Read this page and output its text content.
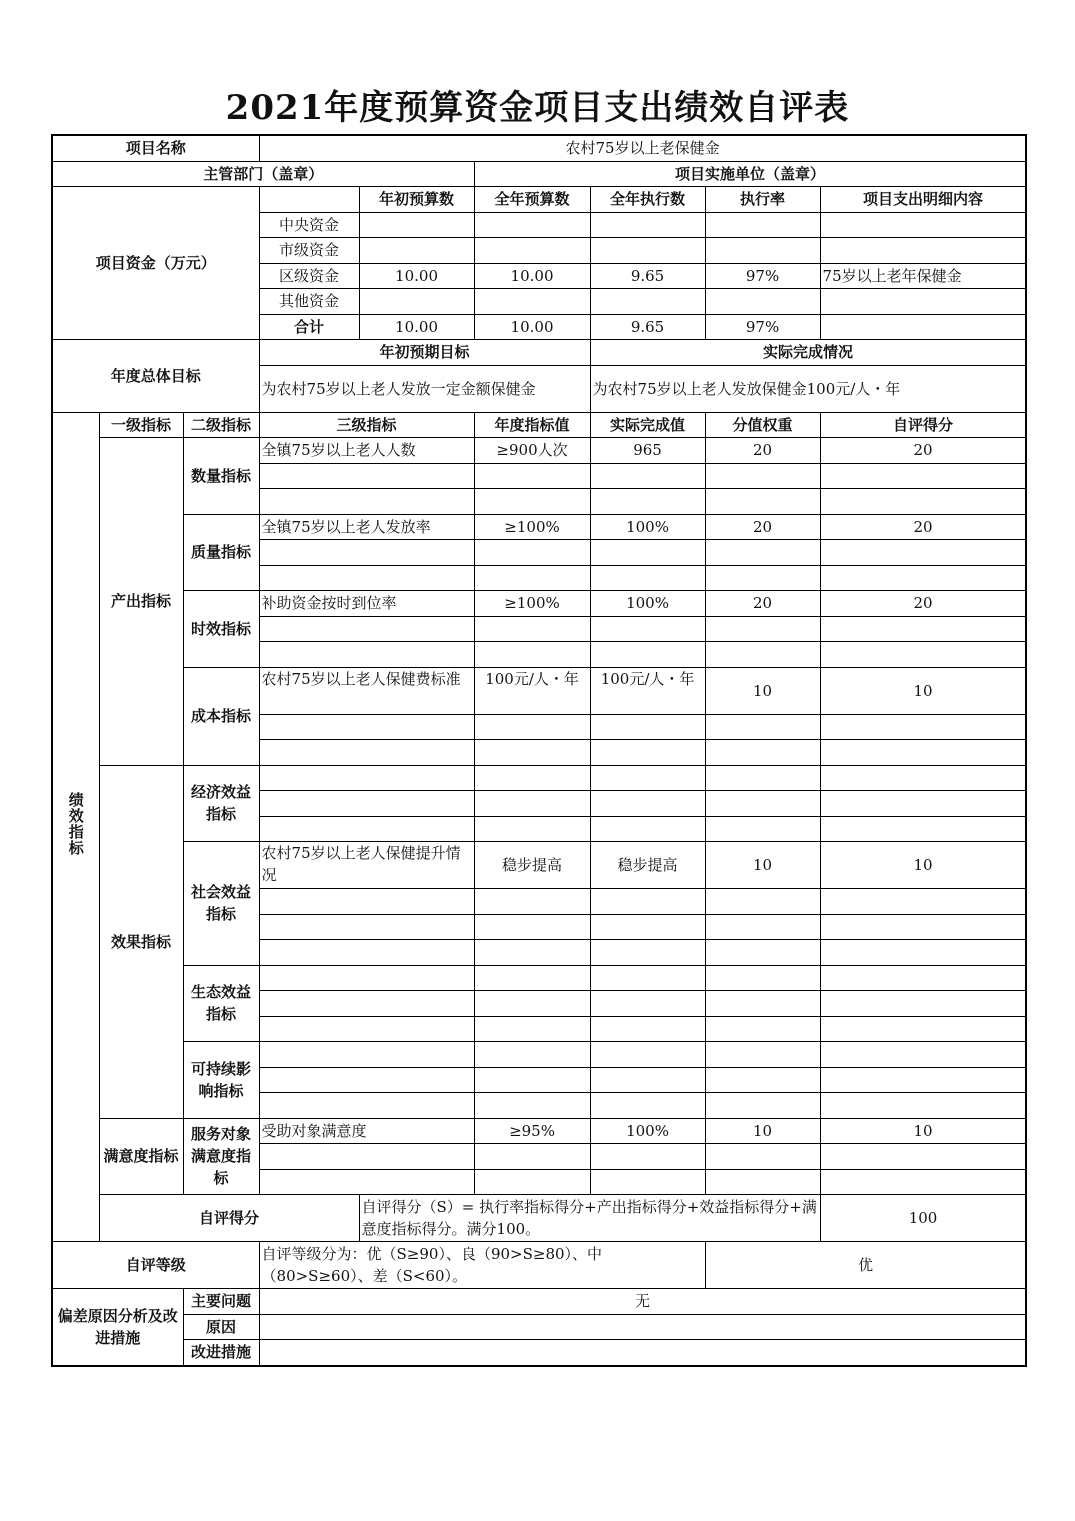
2021年度预算资金项目支出绩效自评表
项目名称			农村75岁以上老保健金						
主管部门（盖章）					项目实施单位（盖章）				
项目资金（万元）				年初预算数	全年预算数	全年执行数	执行率	项目支出明细内容	
			中央资金						
			市级资金						
			区级资金	10.00	10.00	9.65	97%	75岁以上老年保健金	
			其他资金						
			合计	10.00	10.00	9.65	97%		
年度总体目标			年初预期目标			实际完成情况			
			为农村75岁以上老人发放一定金额保健金			为农村75岁以上老人发放保健金100元/人・年			
绩效指标	一级指标	二级指标	三级指标		年度指标值	实际完成值	分值权重	自评得分	
	产出指标	数量指标	全镇75岁以上老人人数		≥900人次	965	20	20	

		质量指标	全镇75岁以上老人发放率		≥100%	100%	20	20	

		时效指标	补助资金按时到位率		≥100%	100%	20	20	

		成本指标	农村75岁以上老人保健费标准		100元/人・年	100元/人・年	10	10	

	效果指标	经济效益指标							

		社会效益指标	农村75岁以上老人保健提升情况		稳步提高	稳步提高	10	10	

		生态效益指标							

		可持续影响指标							

	满意度指标	服务对象满意度指标	受助对象满意度		≥95%	100%	10	10	

	自评得分			自评得分（S）= 执行率指标得分+产出指标得分+效益指标得分+满意度指标得分。满分100。				100	
自评等级			自评等级分为：优（S≥90）、良（90>S≥80）、中（80>S≥60）、差（S<60）。				优		
偏差原因分析及改进措施		主要问题	无						
		原因							
		改进措施							
